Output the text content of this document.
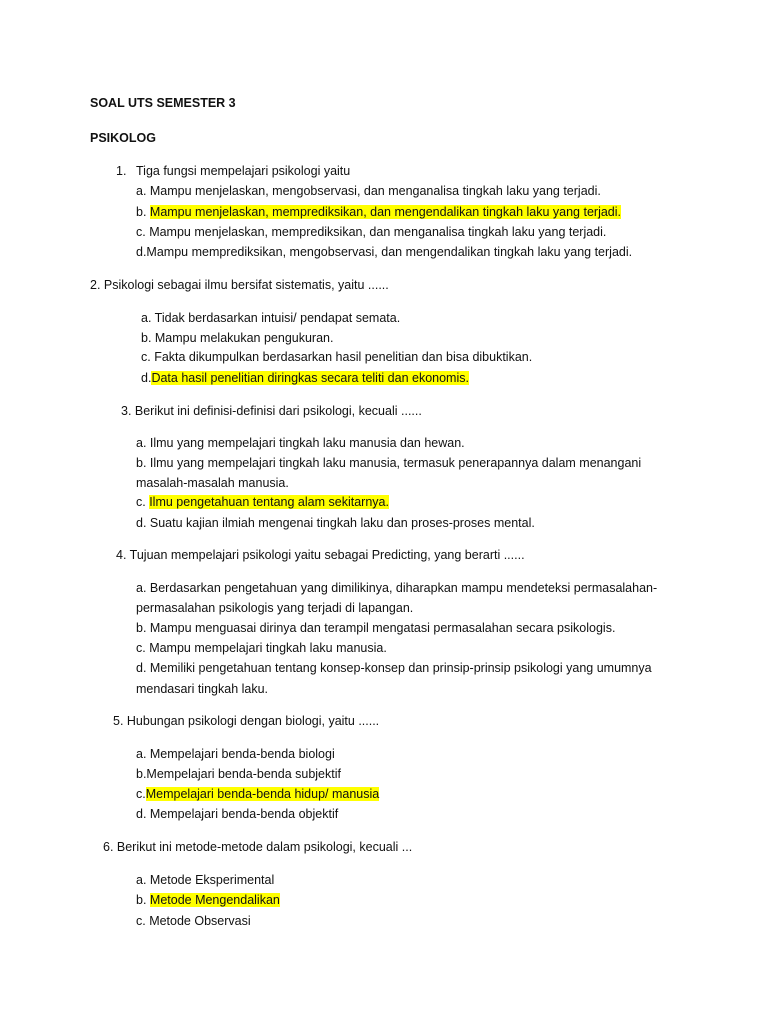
SOAL UTS SEMESTER 3
PSIKOLOG
1. Tiga fungsi mempelajari psikologi yaitu
a. Mampu menjelaskan, mengobservasi, dan menganalisa tingkah laku yang terjadi.
b. Mampu menjelaskan, memprediksikan, dan mengendalikan tingkah laku yang terjadi.
c. Mampu menjelaskan, memprediksikan, dan menganalisa tingkah laku yang terjadi.
d.Mampu memprediksikan, mengobservasi, dan mengendalikan tingkah laku yang terjadi.
2. Psikologi sebagai ilmu bersifat sistematis, yaitu ......
a. Tidak berdasarkan intuisi/ pendapat semata.
b. Mampu melakukan pengukuran.
c. Fakta dikumpulkan berdasarkan hasil penelitian dan bisa dibuktikan.
d.Data hasil penelitian diringkas secara teliti dan ekonomis.
3. Berikut ini definisi-definisi dari psikologi, kecuali ......
a. Ilmu yang mempelajari tingkah laku manusia dan hewan.
b. Ilmu yang mempelajari tingkah laku manusia, termasuk penerapannya dalam menangani
masalah-masalah manusia.
c. Ilmu pengetahuan tentang alam sekitarnya.
d. Suatu kajian ilmiah mengenai tingkah laku dan proses-proses mental.
4. Tujuan mempelajari psikologi yaitu sebagai Predicting, yang berarti ......
a. Berdasarkan pengetahuan yang dimilikinya, diharapkan mampu mendeteksi permasalahan-
permasalahan psikologis yang terjadi di lapangan.
b. Mampu menguasai dirinya dan terampil mengatasi permasalahan secara psikologis.
c. Mampu mempelajari tingkah laku manusia.
d. Memiliki pengetahuan tentang konsep-konsep dan prinsip-prinsip psikologi yang umumnya
mendasari tingkah laku.
5. Hubungan psikologi dengan biologi, yaitu ......
a. Mempelajari benda-benda biologi
b.Mempelajari benda-benda subjektif
c.Mempelajari benda-benda hidup/ manusia
d. Mempelajari benda-benda objektif
6. Berikut ini metode-metode dalam psikologi, kecuali ...
a. Metode Eksperimental
b. Metode Mengendalikan
c. Metode Observasi
